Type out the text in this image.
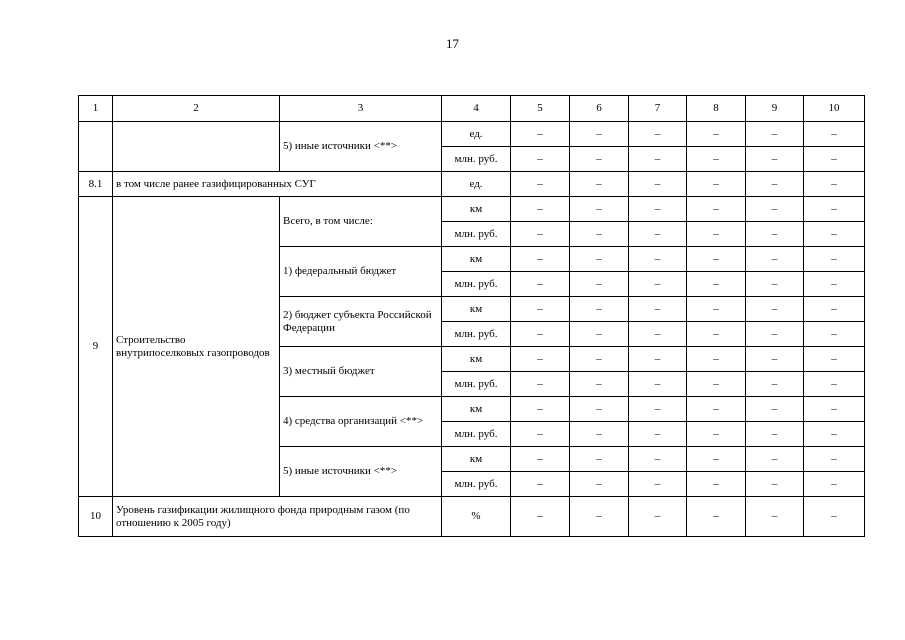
17
1	2	3	4	5	6	7	8	9	10
		5) иные источники <**>	ед.	–	–	–	–	–	–
			млн. руб.	–	–	–	–	–	–
8.1	в том числе ранее газифицированных СУГ		ед.	–	–	–	–	–	–
9	Строительство внутрипоселковых газопроводов	Всего, в том числе:	км	–	–	–	–	–	–
			млн. руб.	–	–	–	–	–	–
		1) федеральный бюджет	км	–	–	–	–	–	–
			млн. руб.	–	–	–	–	–	–
		2) бюджет субъекта Российской Федерации	км	–	–	–	–	–	–
			млн. руб.	–	–	–	–	–	–
		3) местный бюджет	км	–	–	–	–	–	–
			млн. руб.	–	–	–	–	–	–
		4) средства организаций <**>	км	–	–	–	–	–	–
			млн. руб.	–	–	–	–	–	–
		5) иные источники <**>	км	–	–	–	–	–	–
			млн. руб.	–	–	–	–	–	–
10	Уровень газификации жилищного фонда природным газом (по отношению к 2005 году)		%	–	–	–	–	–	–
